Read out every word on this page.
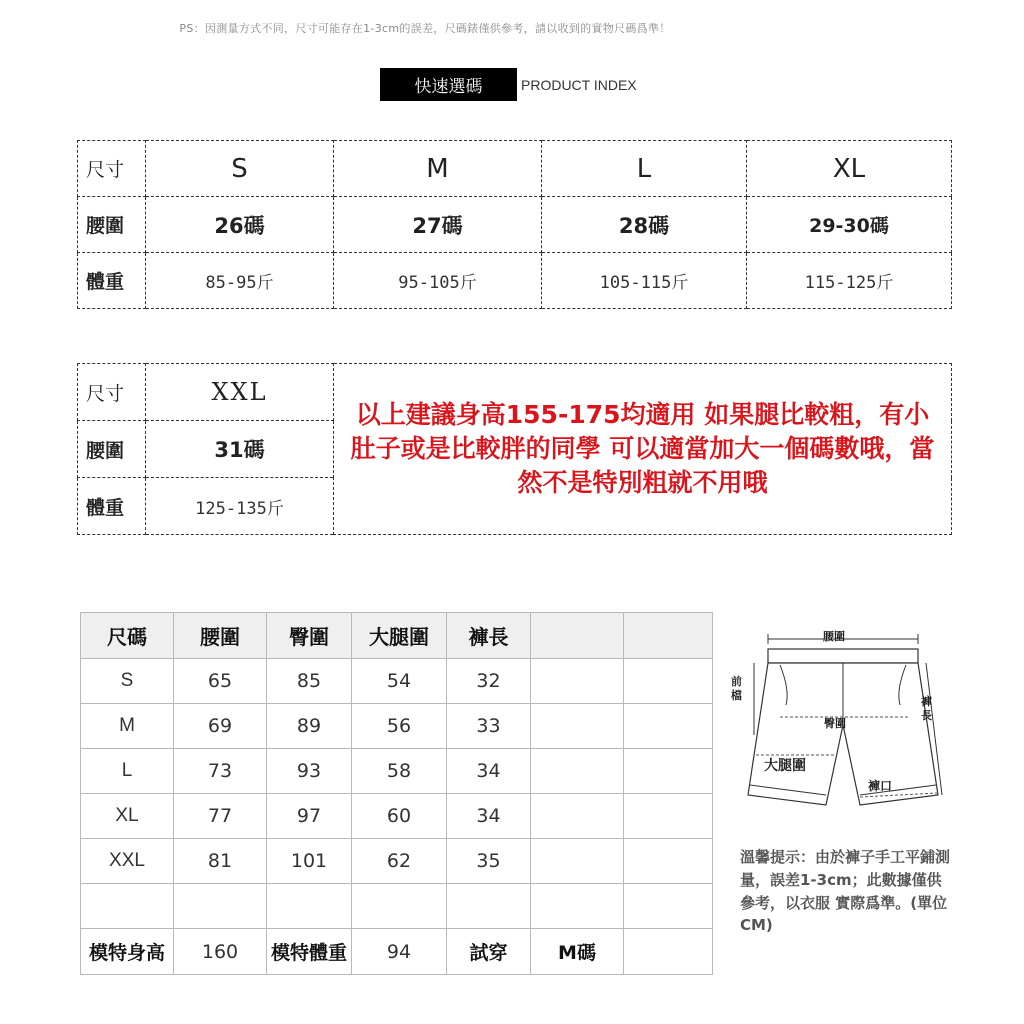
PS：因測量方式不同，尺寸可能存在1-3cm的誤差，尺碼錶僅供參考，請以收到的實物尺碼爲準！
快速選碼	PRODUCT INDEX
尺寸	S	M	L	XL
腰圍	26碼	27碼	28碼	29-30碼
體重	85-95斤	95-105斤	105-115斤	115-125斤
尺寸	XXL	以上建議身高155-175均適用 如果腿比較粗，有小肚子或是比較胖的同學 可以適當加大一個碼數哦，當然不是特別粗就不用哦
腰圍	31碼	
體重	125-135斤	
尺碼	腰圍	臀圍	大腿圍	褲長		
S	65	85	54	32		
M	69	89	56	33		
L	73	93	58	34		
XL	77	97	60	34		
XXL	81	101	62	35		

模特身高	160	模特體重	94	試穿	M碼	
腰圍
前檔	褲長
臀圍
大腿圍
褲口
溫馨提示：由於褲子手工平鋪測量，誤差1-3cm；此數據僅供參考，以衣服 實際爲準。(單位CM)
